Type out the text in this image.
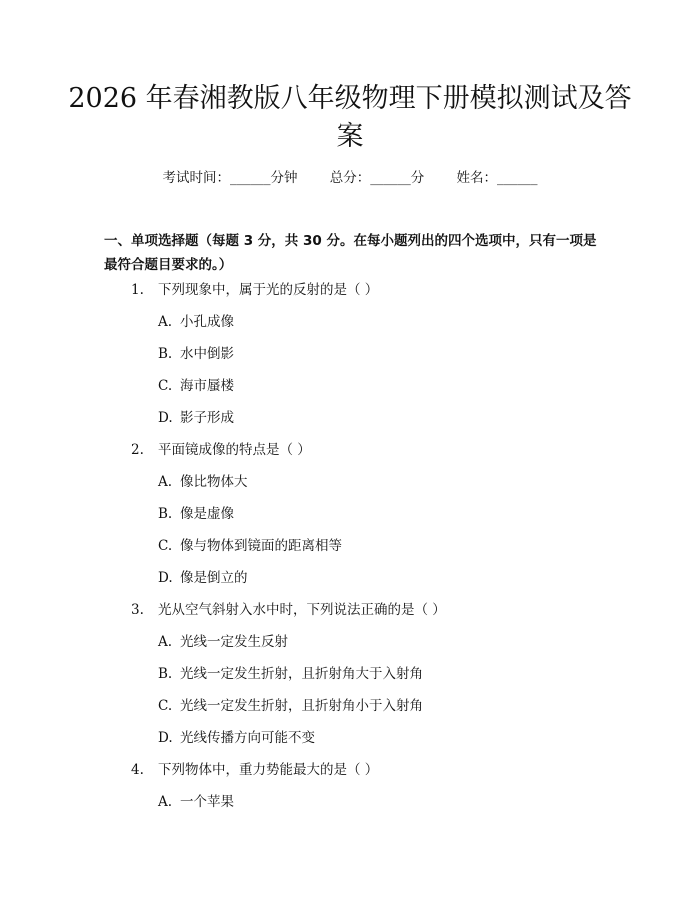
2026 年春湘教版八年级物理下册模拟测试及答案
考试时间：______分钟 总分：______分 姓名：______

一、单项选择题（每题 3 分，共 30 分。在每小题列出的四个选项中，只有一项是最符合题目要求的。）

1. 下列现象中，属于光的反射的是（ ）
A. 小孔成像
B. 水中倒影
C. 海市蜃楼
D. 影子形成
2. 平面镜成像的特点是（ ）
A. 像比物体大
B. 像是虚像
C. 像与物体到镜面的距离相等
D. 像是倒立的
3. 光从空气斜射入水中时，下列说法正确的是（ ）
A. 光线一定发生反射
B. 光线一定发生折射，且折射角大于入射角
C. 光线一定发生折射，且折射角小于入射角
D. 光线传播方向可能不变
4. 下列物体中，重力势能最大的是（ ）
A. 一个苹果
